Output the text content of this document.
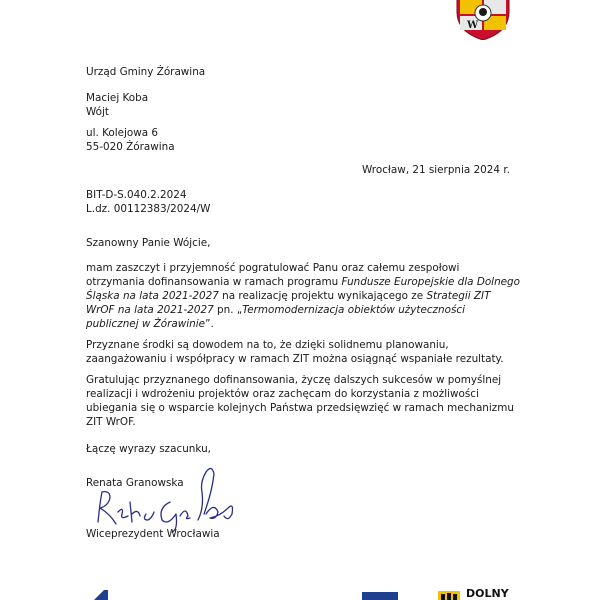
W

Urząd Gminy Żórawina

Maciej Koba

Wójt

ul. Kolejowa 6

55-020 Żórawina

Wrocław, 21 sierpnia 2024 r.

BIT-D-S.040.2.2024

L.dz. 00112383/2024/W

Szanowny Panie Wójcie,

mam zaszczyt i przyjemność pogratulować Panu oraz całemu zespołowi

otrzymania dofinansowania w ramach programu Fundusze Europejskie dla Dolnego

Śląska na lata 2021-2027 na realizację projektu wynikającego ze Strategii ZIT

WrOF na lata 2021-2027 pn. „Termomodernizacja obiektów użyteczności

publicznej w Żórawinie”.

Przyznane środki są dowodem na to, że dzięki solidnemu planowaniu,

zaangażowaniu i współpracy w ramach ZIT można osiągnąć wspaniałe rezultaty.

Gratulując przyznanego dofinansowania, życzę dalszych sukcesów w pomyślnej

realizacji i wdrożeniu projektów oraz zachęcam do korzystania z możliwości

ubiegania się o wsparcie kolejnych Państwa przedsięwzięć w ramach mechanizmu

ZIT WrOF.

Łączę wyrazy szacunku,

Renata Granowska

Wiceprezydent Wrocławia

DOLNY
